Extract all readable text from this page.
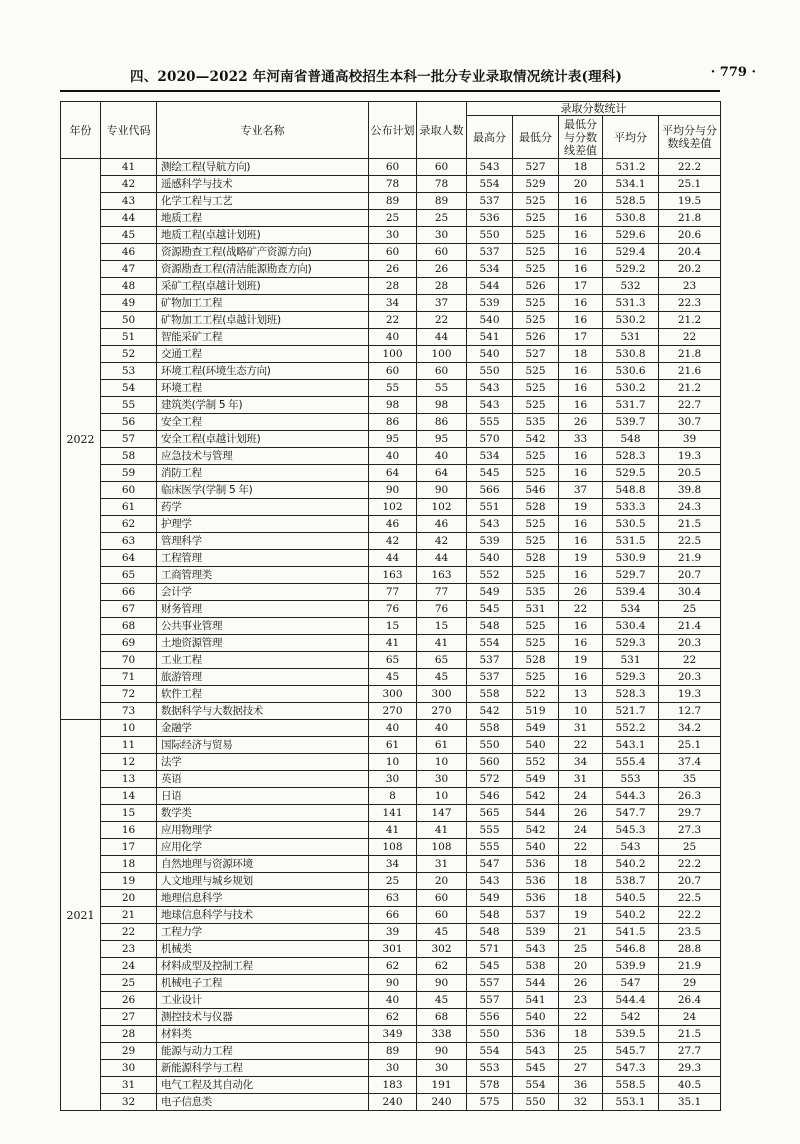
四、2020—2022 年河南省普通高校招生本科一批分专业录取情况统计表(理科)	· 779 ·
年份	专业代码	专业名称	公布计划	录取人数	录取分数统计				
					最高分	最低分	最低分与分数线差值	平均分	平均分与分数线差值
2022	41	测绘工程(导航方向)	60	60	543	527	18	531.2	22.2
	42	遥感科学与技术	78	78	554	529	20	534.1	25.1
	43	化学工程与工艺	89	89	537	525	16	528.5	19.5
	44	地质工程	25	25	536	525	16	530.8	21.8
	45	地质工程(卓越计划班)	30	30	550	525	16	529.6	20.6
	46	资源勘查工程(战略矿产资源方向)	60	60	537	525	16	529.4	20.4
	47	资源勘查工程(清洁能源勘查方向)	26	26	534	525	16	529.2	20.2
	48	采矿工程(卓越计划班)	28	28	544	526	17	532	23
	49	矿物加工工程	34	37	539	525	16	531.3	22.3
	50	矿物加工工程(卓越计划班)	22	22	540	525	16	530.2	21.2
	51	智能采矿工程	40	44	541	526	17	531	22
	52	交通工程	100	100	540	527	18	530.8	21.8
	53	环境工程(环境生态方向)	60	60	550	525	16	530.6	21.6
	54	环境工程	55	55	543	525	16	530.2	21.2
	55	建筑类(学制 5 年)	98	98	543	525	16	531.7	22.7
	56	安全工程	86	86	555	535	26	539.7	30.7
	57	安全工程(卓越计划班)	95	95	570	542	33	548	39
	58	应急技术与管理	40	40	534	525	16	528.3	19.3
	59	消防工程	64	64	545	525	16	529.5	20.5
	60	临床医学(学制 5 年)	90	90	566	546	37	548.8	39.8
	61	药学	102	102	551	528	19	533.3	24.3
	62	护理学	46	46	543	525	16	530.5	21.5
	63	管理科学	42	42	539	525	16	531.5	22.5
	64	工程管理	44	44	540	528	19	530.9	21.9
	65	工商管理类	163	163	552	525	16	529.7	20.7
	66	会计学	77	77	549	535	26	539.4	30.4
	67	财务管理	76	76	545	531	22	534	25
	68	公共事业管理	15	15	548	525	16	530.4	21.4
	69	土地资源管理	41	41	554	525	16	529.3	20.3
	70	工业工程	65	65	537	528	19	531	22
	71	旅游管理	45	45	537	525	16	529.3	20.3
	72	软件工程	300	300	558	522	13	528.3	19.3
	73	数据科学与大数据技术	270	270	542	519	10	521.7	12.7
2021	10	金融学	40	40	558	549	31	552.2	34.2
	11	国际经济与贸易	61	61	550	540	22	543.1	25.1
	12	法学	10	10	560	552	34	555.4	37.4
	13	英语	30	30	572	549	31	553	35
	14	日语	8	10	546	542	24	544.3	26.3
	15	数学类	141	147	565	544	26	547.7	29.7
	16	应用物理学	41	41	555	542	24	545.3	27.3
	17	应用化学	108	108	555	540	22	543	25
	18	自然地理与资源环境	34	31	547	536	18	540.2	22.2
	19	人文地理与城乡规划	25	20	543	536	18	538.7	20.7
	20	地理信息科学	63	60	549	536	18	540.5	22.5
	21	地球信息科学与技术	66	60	548	537	19	540.2	22.2
	22	工程力学	39	45	548	539	21	541.5	23.5
	23	机械类	301	302	571	543	25	546.8	28.8
	24	材料成型及控制工程	62	62	545	538	20	539.9	21.9
	25	机械电子工程	90	90	557	544	26	547	29
	26	工业设计	40	45	557	541	23	544.4	26.4
	27	测控技术与仪器	62	68	556	540	22	542	24
	28	材料类	349	338	550	536	18	539.5	21.5
	29	能源与动力工程	89	90	554	543	25	545.7	27.7
	30	新能源科学与工程	30	30	553	545	27	547.3	29.3
	31	电气工程及其自动化	183	191	578	554	36	558.5	40.5
	32	电子信息类	240	240	575	550	32	553.1	35.1
